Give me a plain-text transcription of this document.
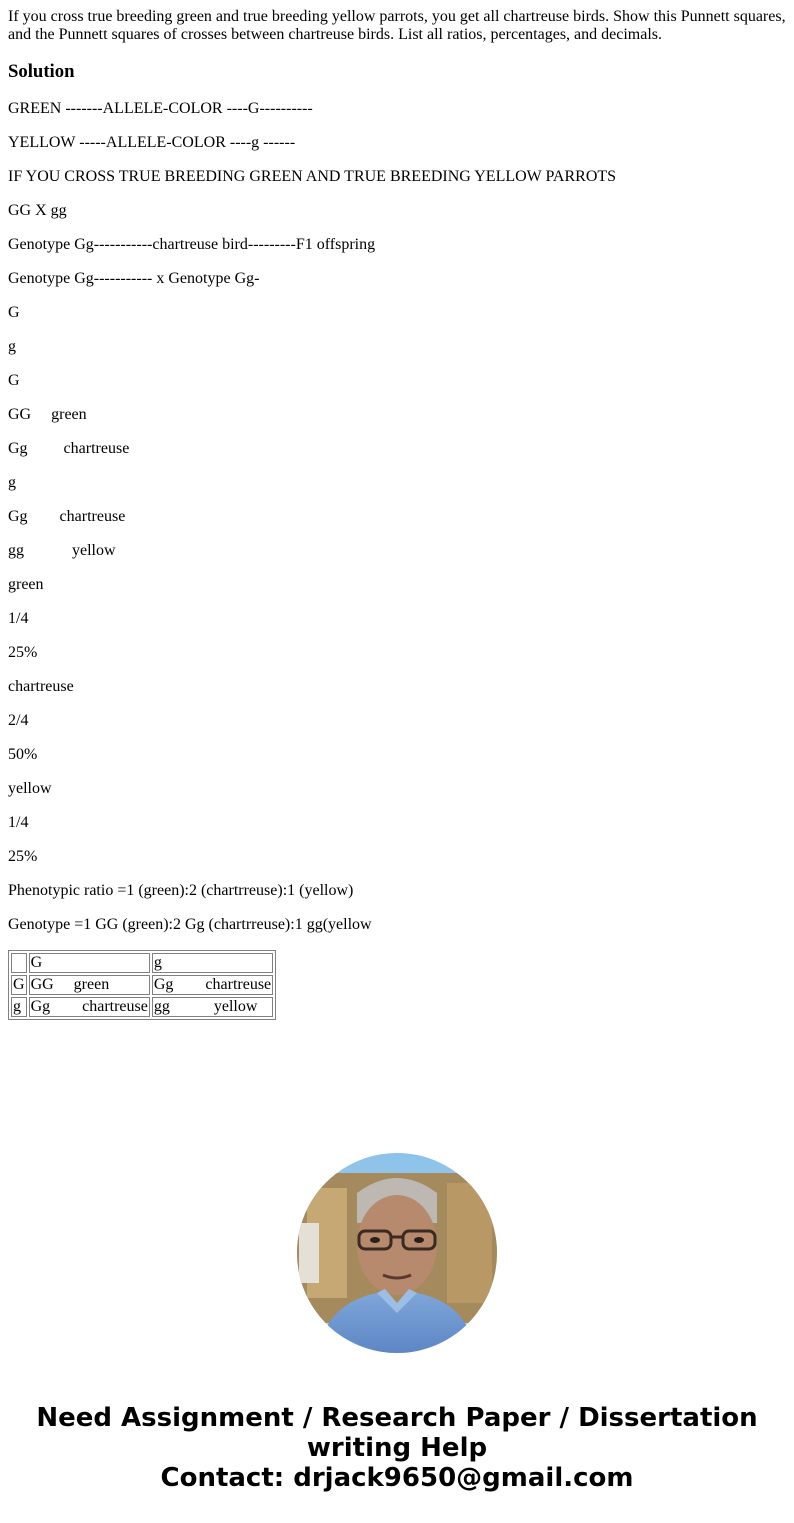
If you cross true breeding green and true breeding yellow parrots, you get all chartreuse birds. Show this Punnett squares, and the Punnett squares of crosses between chartreuse birds. List all ratios, percentages, and decimals.

Solution

GREEN -------ALLELE-COLOR ----G----------

YELLOW -----ALLELE-COLOR ----g ------

IF YOU CROSS TRUE BREEDING GREEN AND TRUE BREEDING YELLOW PARROTS

GG X gg

Genotype Gg-----------chartreuse bird---------F1 offspring

Genotype Gg----------- x Genotype Gg-

G

g

G

GG     green

Gg         chartreuse

g

Gg        chartreuse

gg            yellow

green

1/4

25%

chartreuse

2/4

50%

yellow

1/4

25%

Phenotypic ratio =1 (green):2 (chartrreuse):1 (yellow)

Genotype =1 GG (green):2 Gg (chartrreuse):1 gg(yellow

	G	g
G	GG     green	Gg        chartreuse
g	Gg        chartreuse	gg           yellow
Need Assignment / Research Paper / Dissertation
writing Help
Contact: drjack9650@gmail.com
